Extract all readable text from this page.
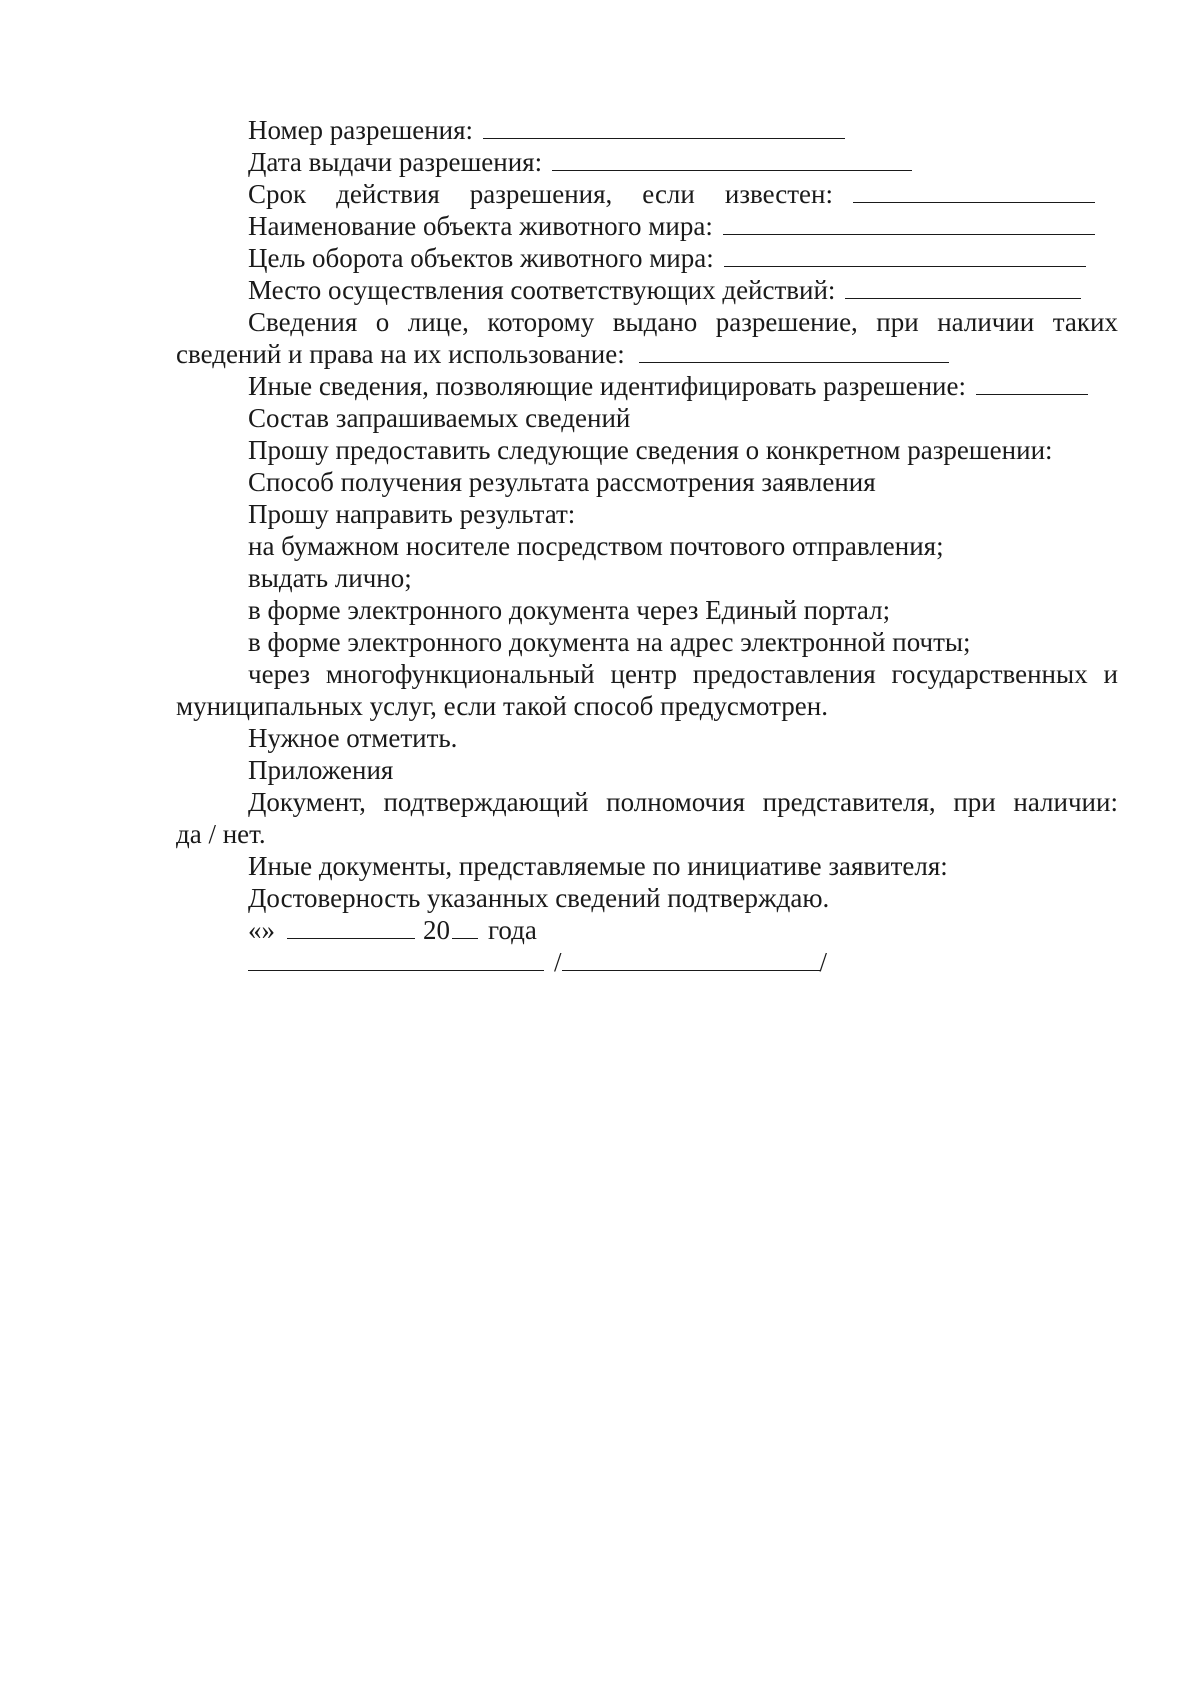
Номер разрешения:
Дата выдачи разрешения:
Срок действия разрешения, если известен:
Наименование объекта животного мира:
Цель оборота объектов животного мира:
Место осуществления соответствующих действий:
Сведения о лице, которому выдано разрешение, при наличии таких
сведений и права на их использование:
Иные сведения, позволяющие идентифицировать разрешение:
Состав запрашиваемых сведений
Прошу предоставить следующие сведения о конкретном разрешении:
Способ получения результата рассмотрения заявления
Прошу направить результат:
на бумажном носителе посредством почтового отправления;
выдать лично;
в форме электронного документа через Единый портал;
в форме электронного документа на адрес электронной почты;
через многофункциональный центр предоставления государственных и
муниципальных услуг, если такой способ предусмотрен.
Нужное отметить.
Приложения
Документ, подтверждающий полномочия представителя, при наличии:
да / нет.
Иные документы, представляемые по инициативе заявителя:
Достоверность указанных сведений подтверждаю.
«»	20 года
/	/
